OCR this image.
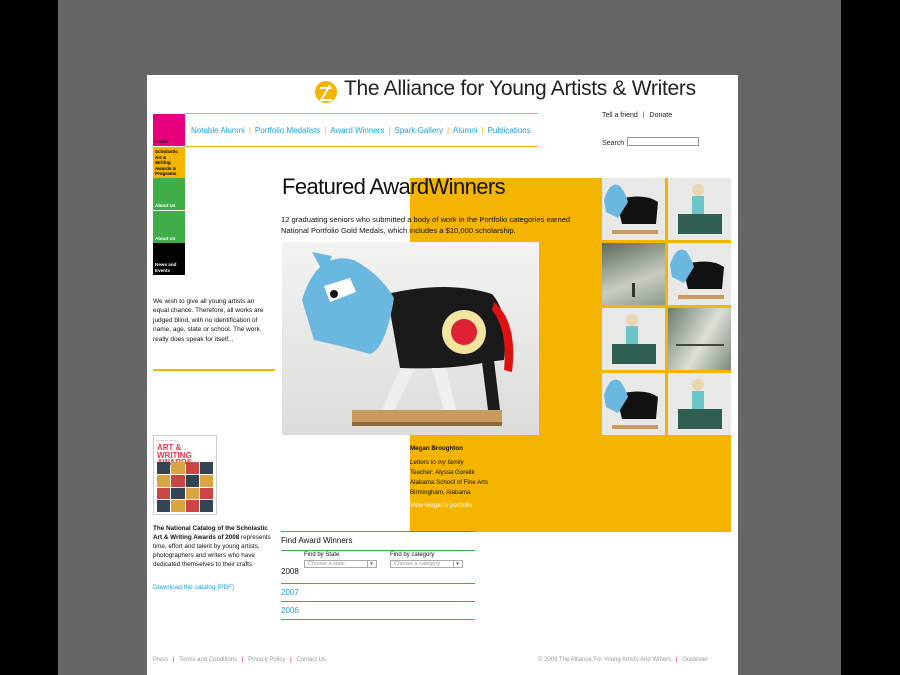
The Alliance for Young Artists & Writers
Notable Alumni | Portfolio Medalists | Award Winners | Spark Gallery | Alumni | Publications
Tell a friend | Donate
Search
Home
Scholastic Art & Writing Awards & Programs
About Us
About Us
News and Events
We wish to give all young artists an equal chance. Therefore, all works are judged blind, with no identification of name, age, state or school. The work really does speak for itself...
— — — — —
ART & WRITING
The National Catalog of the Scholastic Art & Writing Awards of 2008 represents time, effort and talent by young artists, photographers and writers who have dedicated themselves to their crafts
Download the catalog [PDF]
Featured AwardWinners
12 graduating seniors who submitted a body of work in the Portfolio categories earned National Portfolio Gold Medals, which includes a $10,000 scholarship.
Megan Broughton
Letters to my family
Teacher: Alyssa Gorelik
Alabama School of Fine Arts
Birmingham, Alabama
View Megan's portfolio
Find Award Winners
2008
Find by State
Choose a state	▾
Find by category
Choose a category	▾
2007
2006
Press | Terms and Conditions | Privacy Policy | Contact Us	© 2009 The Alliance For Young Artists And Writers | Guidester
